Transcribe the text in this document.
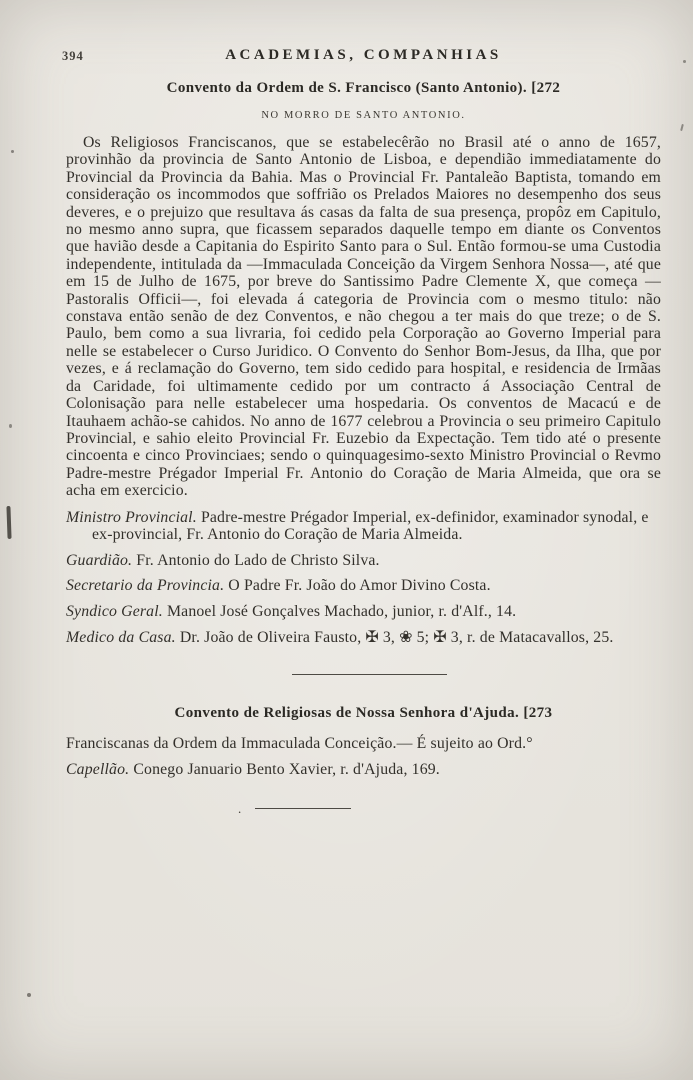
394	ACADEMIAS, COMPANHIAS
Convento da Ordem de S. Francisco (Santo Antonio). [272
NO MORRO DE SANTO ANTONIO.

Os Religiosos Franciscanos, que se estabelecêrão no Brasil até o anno de 1657, provinhão da provincia de Santo Antonio de Lisboa, e dependião immediatamente do Provincial da Provincia da Bahia. Mas o Provincial Fr. Pantaleão Baptista, tomando em consideração os incommodos que soffrião os Prelados Maiores no desempenho dos seus deveres, e o prejuizo que resultava ás casas da falta de sua presença, propôz em Capitulo, no mesmo anno supra, que ficassem separados daquelle tempo em diante os Conventos que havião desde a Capitania do Espirito Santo para o Sul. Então formou-se uma Custodia independente, intitulada da —Immaculada Conceição da Virgem Senhora Nossa—, até que em 15 de Julho de 1675, por breve do Santissimo Padre Clemente X, que começa —Pastoralis Officii—, foi elevada á categoria de Provincia com o mesmo titulo: não constava então senão de dez Conventos, e não chegou a ter mais do que treze; o de S. Paulo, bem como a sua livraria, foi cedido pela Corporação ao Governo Imperial para nelle se estabelecer o Curso Juridico. O Convento do Senhor Bom-Jesus, da Ilha, que por vezes, e á reclamação do Governo, tem sido cedido para hospital, e residencia de Irmãas da Caridade, foi ultimamente cedido por um contracto á Associação Central de Colonisação para nelle estabelecer uma hospedaria. Os conventos de Macacú e de Itauhaem achão-se cahidos. No anno de 1677 celebrou a Provincia o seu primeiro Capitulo Provincial, e sahio eleito Provincial Fr. Euzebio da Expectação. Tem tido até o presente cincoenta e cinco Provinciaes; sendo o quinquagesimo-sexto Ministro Provincial o Revmo Padre-mestre Prégador Imperial Fr. Antonio do Coração de Maria Almeida, que ora se acha em exercicio.

Ministro Provincial. Padre-mestre Prégador Imperial, ex-definidor, examinador synodal, e ex-provincial, Fr. Antonio do Coração de Maria Almeida.

Guardião. Fr. Antonio do Lado de Christo Silva.

Secretario da Provincia. O Padre Fr. João do Amor Divino Costa.

Syndico Geral. Manoel José Gonçalves Machado, junior, r. d'Alf., 14.

Medico da Casa. Dr. João de Oliveira Fausto, ✠ 3, ❀ 5; ✠ 3, r. de Matacavallos, 25.

Convento de Religiosas de Nossa Senhora d'Ajuda. [273

Franciscanas da Ordem da Immaculada Conceição.— É sujeito ao Ord.°

Capellão. Conego Januario Bento Xavier, r. d'Ajuda, 169.

.
